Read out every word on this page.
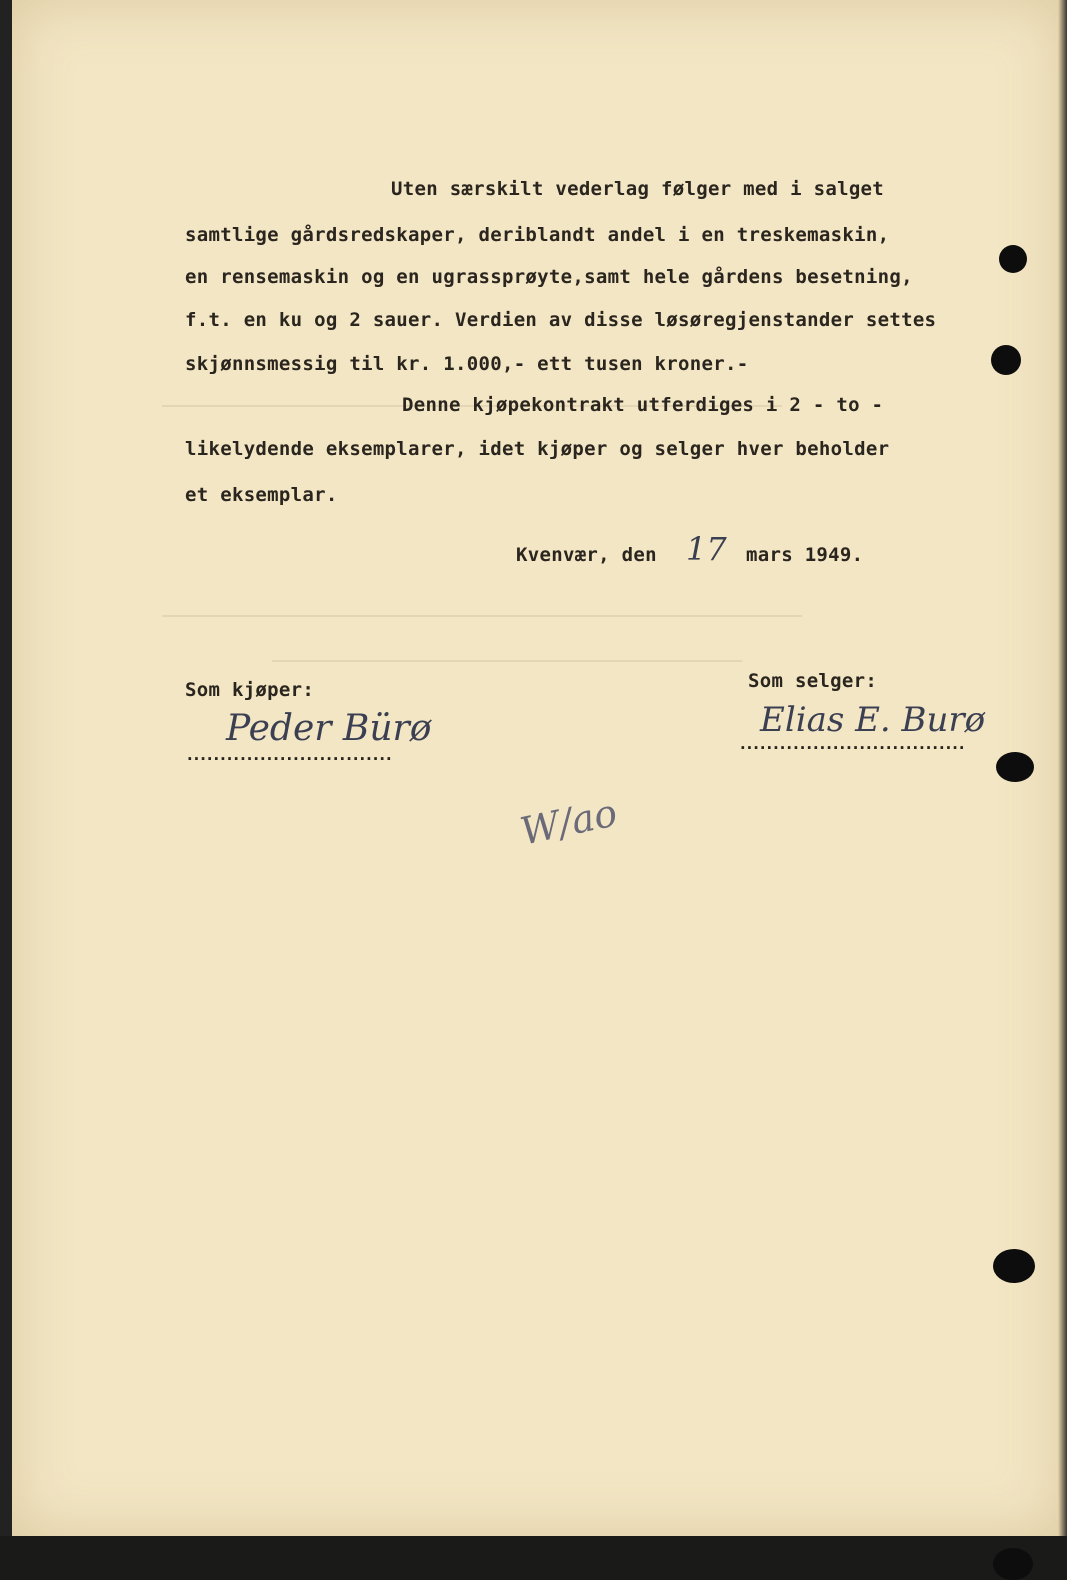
Uten særskilt vederlag følger med i salget
samtlige gårdsredskaper, deriblandt andel i en treskemaskin,
en rensemaskin og en ugrassprøyte,samt hele gårdens besetning,
f.t. en ku og 2 sauer. Verdien av disse løsøregjenstander settes
skjønnsmessig til kr. 1.000,- ett tusen kroner.-
Denne kjøpekontrakt utferdiges i 2 - to -
likelydende eksemplarer, idet kjøper og selger hver beholder
et eksemplar.
Kvenvær, den 17 mars 1949.
Som kjøper:
Peder Bürø
...............................
Som selger:
Elias E. Burø
..................................
W/ao
